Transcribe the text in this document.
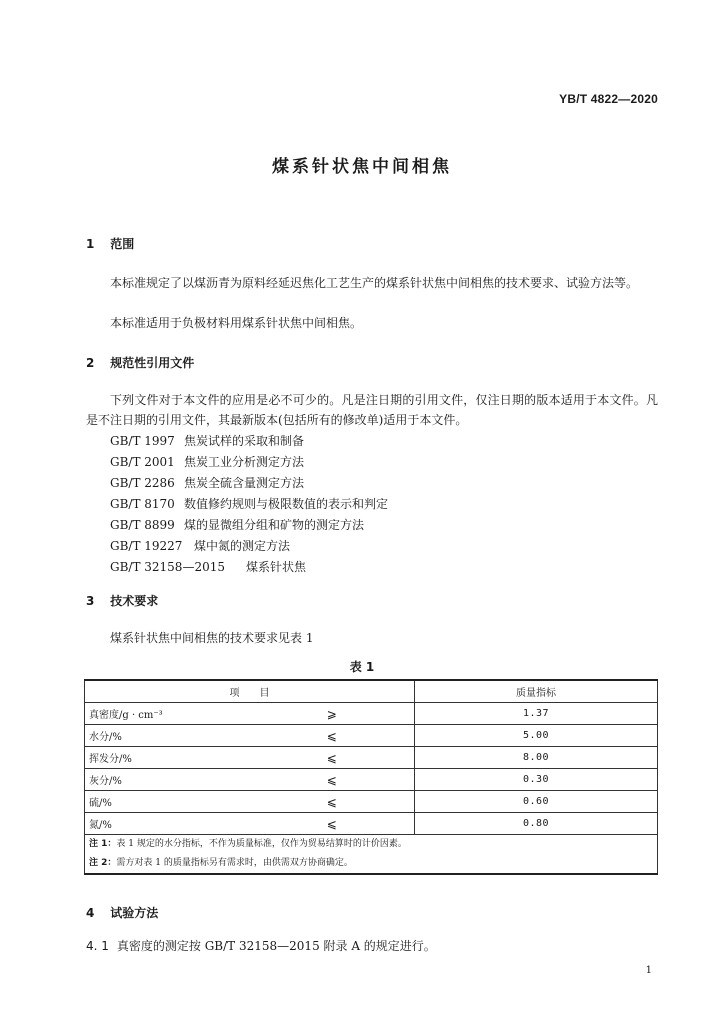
YB/T 4822—2020
煤系针状焦中间相焦
1 范围
本标准规定了以煤沥青为原料经延迟焦化工艺生产的煤系针状焦中间相焦的技术要求、试验方法等。
本标准适用于负极材料用煤系针状焦中间相焦。
2 规范性引用文件
下列文件对于本文件的应用是必不可少的。凡是注日期的引用文件，仅注日期的版本适用于本文件。凡是不注日期的引用文件，其最新版本(包括所有的修改单)适用于本文件。
GB/T 1997 焦炭试样的采取和制备
GB/T 2001 焦炭工业分析测定方法
GB/T 2286 焦炭全硫含量测定方法
GB/T 8170 数值修约规则与极限数值的表示和判定
GB/T 8899 煤的显微组分组和矿物的测定方法
GB/T 19227 煤中氮的测定方法
GB/T 32158—2015 煤系针状焦
3 技术要求
煤系针状焦中间相焦的技术要求见表 1
表 1
项　　目		质量指标
真密度/g · cm⁻³	⩾	1.37
水分/%	⩽	5.00
挥发分/%	⩽	8.00
灰分/%	⩽	0.30
硫/%	⩽	0.60
氮/%	⩽	0.80

注 1：表 1 规定的水分指标，不作为质量标准，仅作为贸易结算时的计价因素。
注 2：需方对表 1 的质量指标另有需求时，由供需双方协商确定。		
4 试验方法
4. 1 真密度的测定按 GB/T 32158—2015 附录 A 的规定进行。
1
